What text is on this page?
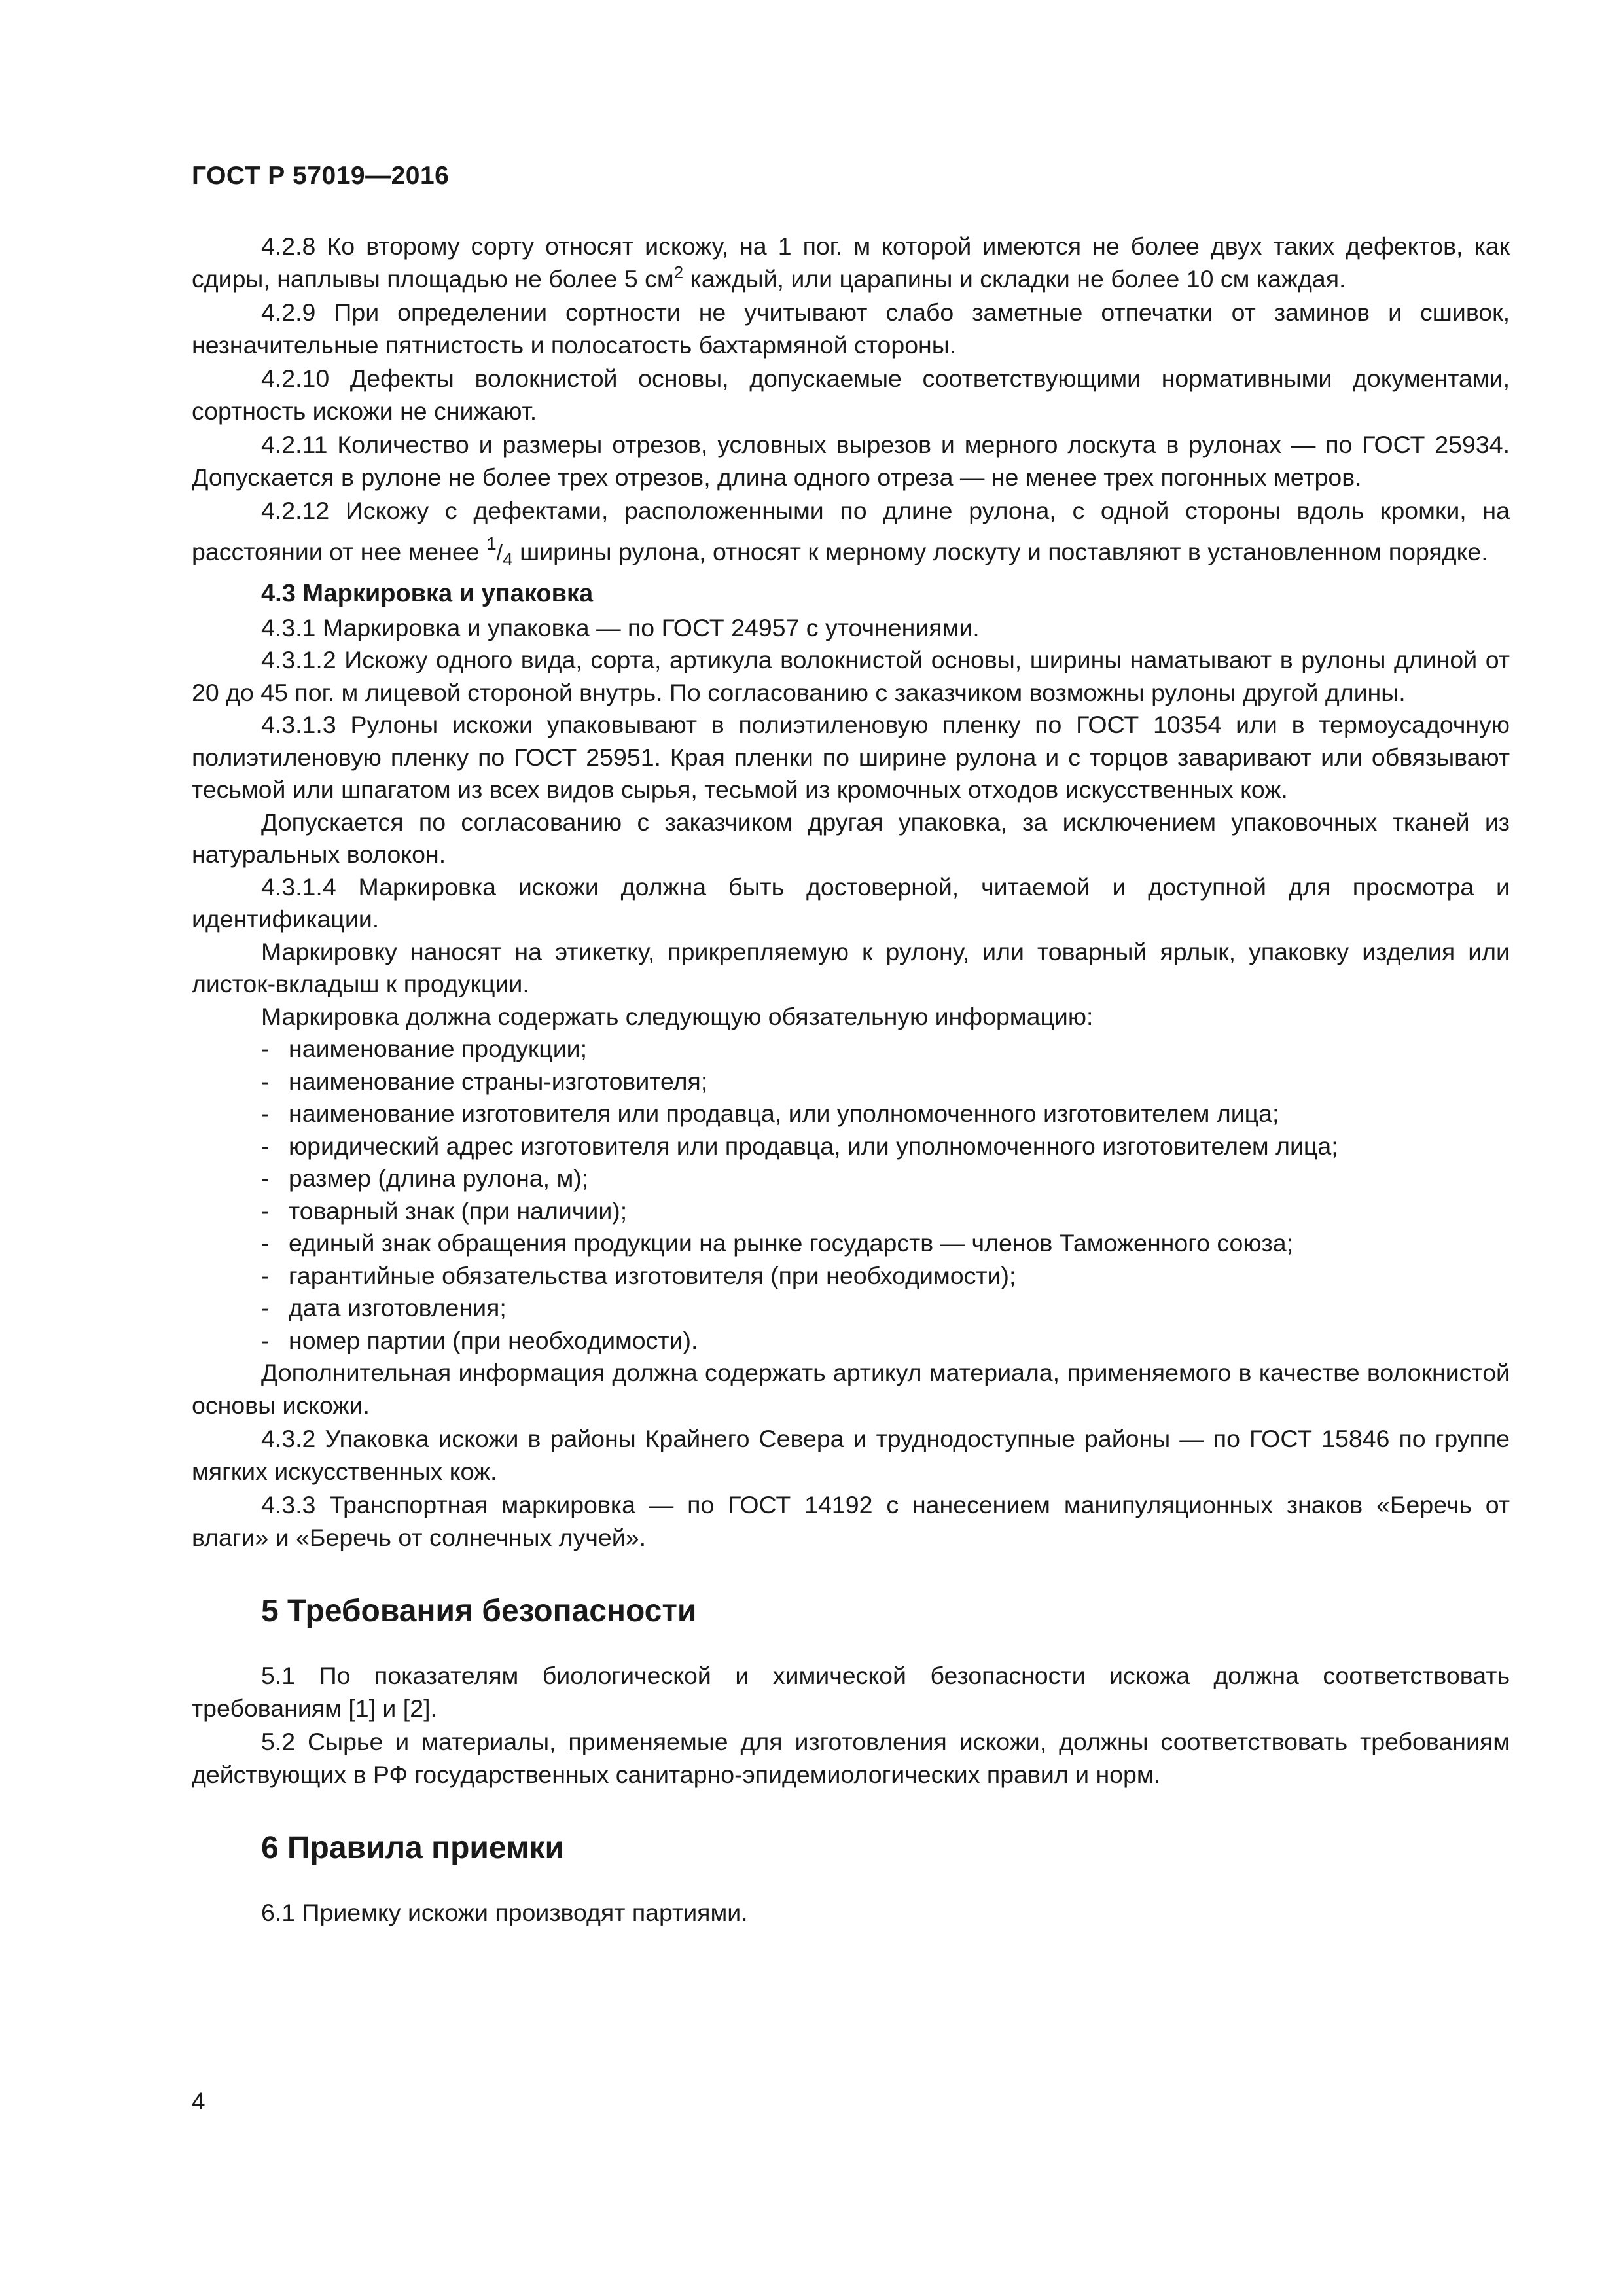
ГОСТ Р 57019—2016

4.2.8 Ко второму сорту относят искожу, на 1 пог. м которой имеются не более двух таких дефектов, как сдиры, наплывы площадью не более 5 $см^2$ каждый, или царапины и складки не более 10 см каждая.

4.2.9 При определении сортности не учитывают слабо заметные отпечатки от заминов и сшивок, незначительные пятнистость и полосатость бахтармяной стороны.

4.2.10 Дефекты волокнистой основы, допускаемые соответствующими нормативными документами, сортность искожи не снижают.

4.2.11 Количество и размеры отрезов, условных вырезов и мерного лоскута в рулонах — по ГОСТ 25934. Допускается в рулоне не более трех отрезов, длина одного отреза — не менее трех погонных метров.

4.2.12 Искожу с дефектами, расположенными по длине рулона, с одной стороны вдоль кромки, на расстоянии от нее менее $^1/_4$ ширины рулона, относят к мерному лоскуту и поставляют в установленном порядке.

4.3 Маркировка и упаковка

4.3.1 Маркировка и упаковка — по ГОСТ 24957 с уточнениями.

4.3.1.2 Искожу одного вида, сорта, артикула волокнистой основы, ширины наматывают в рулоны длиной от 20 до 45 пог. м лицевой стороной внутрь. По согласованию с заказчиком возможны рулоны другой длины.

4.3.1.3 Рулоны искожи упаковывают в полиэтиленовую пленку по ГОСТ 10354 или в термоусадочную полиэтиленовую пленку по ГОСТ 25951. Края пленки по ширине рулона и с торцов заваривают или обвязывают тесьмой или шпагатом из всех видов сырья, тесьмой из кромочных отходов искусственных кож.

Допускается по согласованию с заказчиком другая упаковка, за исключением упаковочных тканей из натуральных волокон.

4.3.1.4 Маркировка искожи должна быть достоверной, читаемой и доступной для просмотра и идентификации.

Маркировку наносят на этикетку, прикрепляемую к рулону, или товарный ярлык, упаковку изделия или листок-вкладыш к продукции.

Маркировка должна содержать следующую обязательную информацию:

- наименование продукции;
- наименование страны-изготовителя;
- наименование изготовителя или продавца, или уполномоченного изготовителем лица;
- юридический адрес изготовителя или продавца, или уполномоченного изготовителем лица;
- размер (длина рулона, м);
- товарный знак (при наличии);
- единый знак обращения продукции на рынке государств — членов Таможенного союза;
- гарантийные обязательства изготовителя (при необходимости);
- дата изготовления;
- номер партии (при необходимости).

Дополнительная информация должна содержать артикул материала, применяемого в качестве волокнистой основы искожи.

4.3.2 Упаковка искожи в районы Крайнего Севера и труднодоступные районы — по ГОСТ 15846 по группе мягких искусственных кож.

4.3.3 Транспортная маркировка — по ГОСТ 14192 с нанесением манипуляционных знаков «Беречь от влаги» и «Беречь от солнечных лучей».

5 Требования безопасности

5.1 По показателям биологической и химической безопасности искожа должна соответствовать требованиям [1] и [2].

5.2 Сырье и материалы, применяемые для изготовления искожи, должны соответствовать требованиям действующих в РФ государственных санитарно-эпидемиологических правил и норм.

6 Правила приемки

6.1 Приемку искожи производят партиями.

4
